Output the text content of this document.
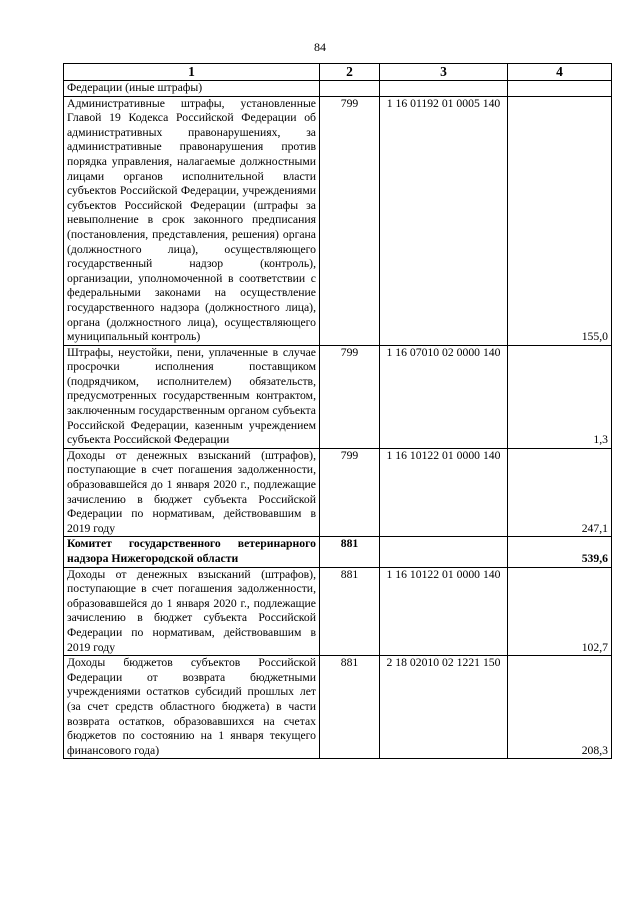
84
1	2	3	4
Федерации (иные штрафы)			
Административные штрафы, установленные Главой 19 Кодекса Российской Федерации об административных правонарушениях, за административные правонарушения против порядка управления, налагаемые должностными лицами органов исполнительной власти субъектов Российской Федерации, учреждениями субъектов Российской Федерации (штрафы за невыполнение в срок законного предписания (постановления, представления, решения) органа (должностного лица), осуществляющего государственный надзор (контроль), организации, уполномоченной в соответствии с федеральными законами на осуществление государственного надзора (должностного лица), органа (должностного лица), осуществляющего муниципальный контроль)	799	1 16 01192 01 0005 140	155,0
Штрафы, неустойки, пени, уплаченные в случае просрочки исполнения поставщиком (подрядчиком, исполнителем) обязательств, предусмотренных государственным контрактом, заключенным государственным органом субъекта Российской Федерации, казенным учреждением субъекта Российской Федерации	799	1 16 07010 02 0000 140	1,3
Доходы от денежных взысканий (штрафов), поступающие в счет погашения задолженности, образовавшейся до 1 января 2020 г., подлежащие зачислению в бюджет субъекта Российской Федерации по нормативам, действовавшим в 2019 году	799	1 16 10122 01 0000 140	247,1
Комитет государственного ветеринарного надзора Нижегородской области	881		539,6
Доходы от денежных взысканий (штрафов), поступающие в счет погашения задолженности, образовавшейся до 1 января 2020 г., подлежащие зачислению в бюджет субъекта Российской Федерации по нормативам, действовавшим в 2019 году	881	1 16 10122 01 0000 140	102,7
Доходы бюджетов субъектов Российской Федерации от возврата бюджетными учреждениями остатков субсидий прошлых лет (за счет средств областного бюджета) в части возврата остатков, образовавшихся на счетах бюджетов по состоянию на 1 января текущего финансового года)	881	2 18 02010 02 1221 150	208,3
